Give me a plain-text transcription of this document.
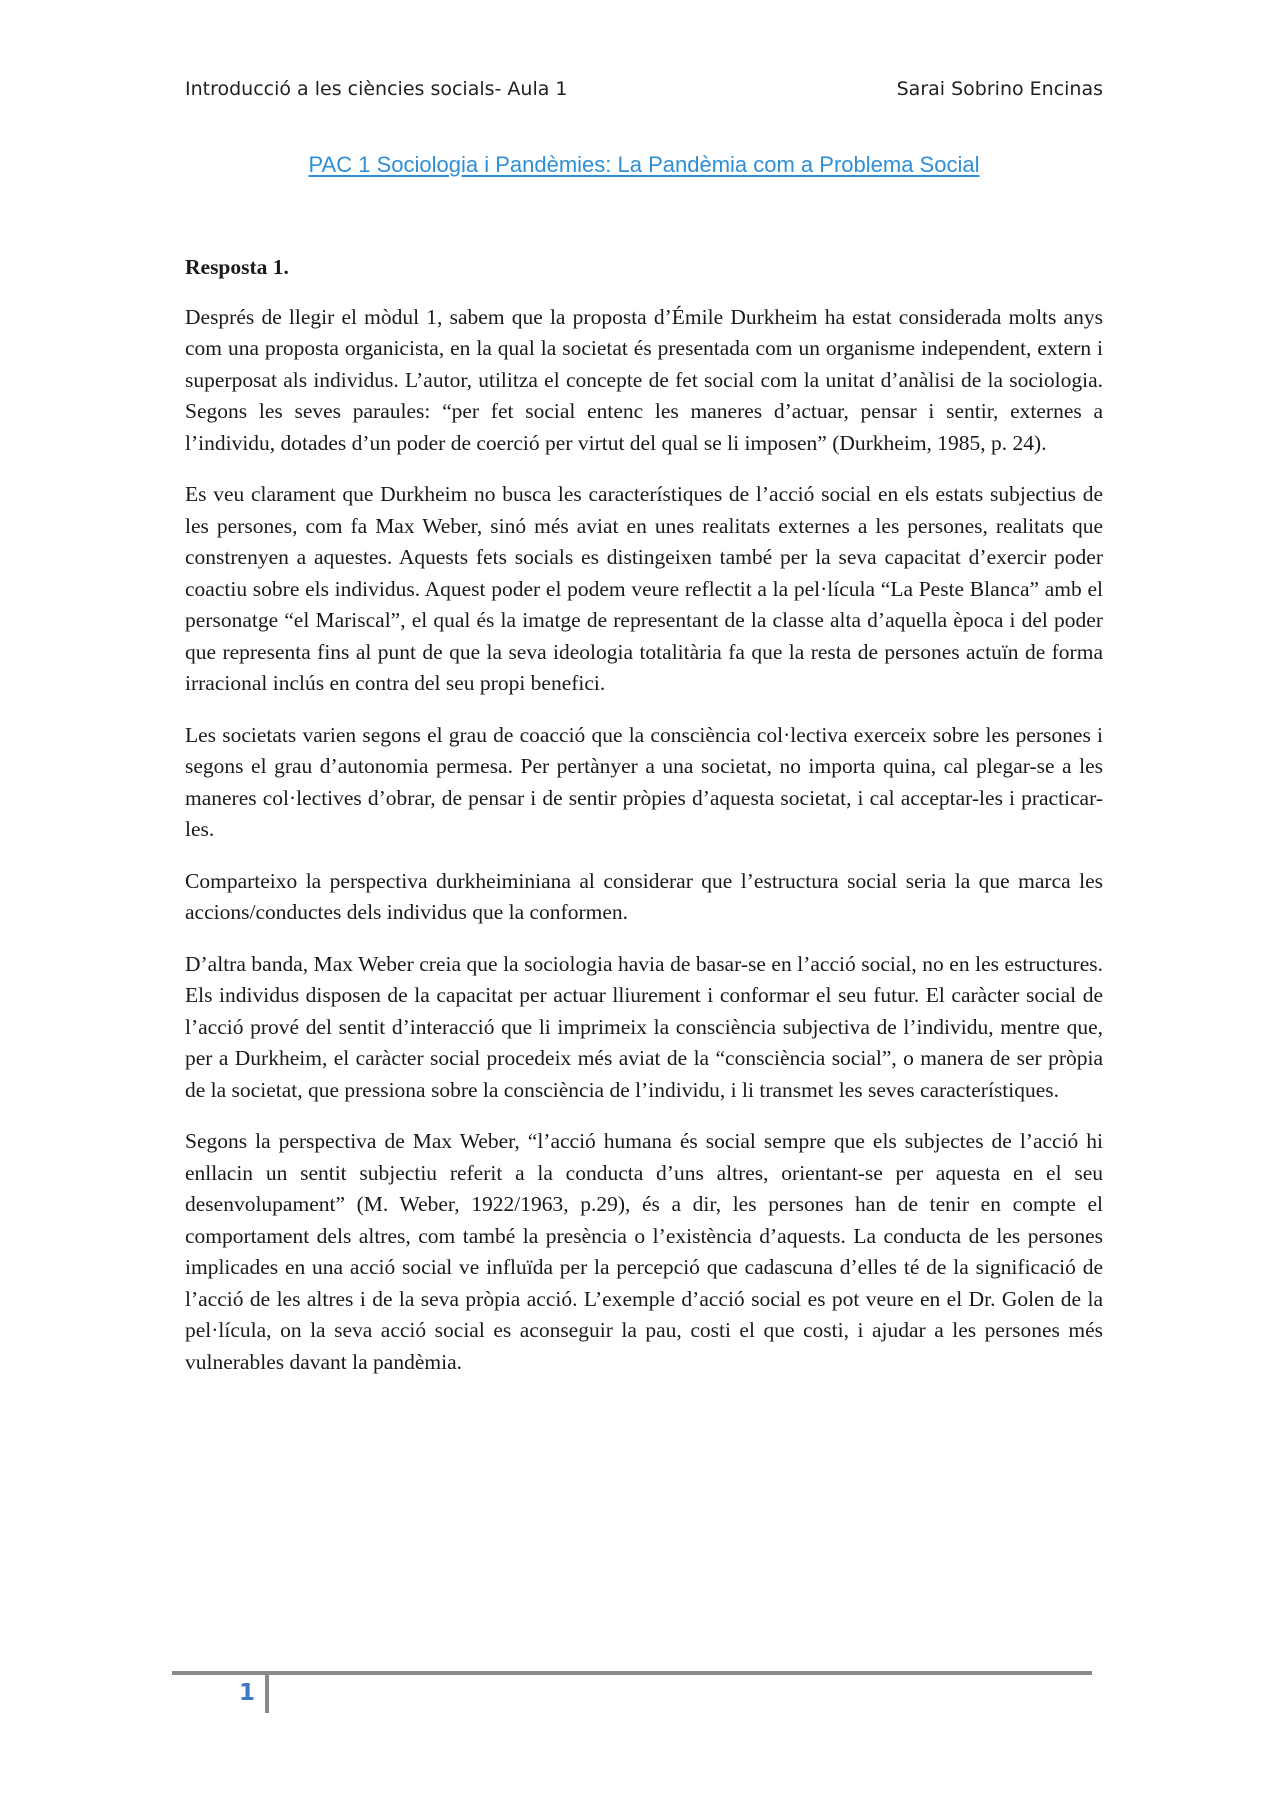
Introducció a les ciències socials- Aula 1	Sarai Sobrino Encinas
PAC 1 Sociologia i Pandèmies: La Pandèmia com a Problema Social
Resposta 1.

Després de llegir el mòdul 1, sabem que la proposta d’Émile Durkheim ha estat considerada molts anys com una proposta organicista, en la qual la societat és presentada com un organisme independent, extern i superposat als individus. L’autor, utilitza el concepte de fet social com la unitat d’anàlisi de la sociologia. Segons les seves paraules: “per fet social entenc les maneres d’actuar, pensar i sentir, externes a l’individu, dotades d’un poder de coerció per virtut del qual se li imposen” (Durkheim, 1985, p. 24).

Es veu clarament que Durkheim no busca les característiques de l’acció social en els estats subjectius de les persones, com fa Max Weber, sinó més aviat en unes realitats externes a les persones, realitats que constrenyen a aquestes. Aquests fets socials es distingeixen també per la seva capacitat d’exercir poder coactiu sobre els individus. Aquest poder el podem veure reflectit a la pel·lícula “La Peste Blanca” amb el personatge “el Mariscal”, el qual és la imatge de representant de la classe alta d’aquella època i del poder que representa fins al punt de que la seva ideologia totalitària fa que la resta de persones actuïn de forma irracional inclús en contra del seu propi benefici.

Les societats varien segons el grau de coacció que la consciència col·lectiva exerceix sobre les persones i segons el grau d’autonomia permesa. Per pertànyer a una societat, no importa quina, cal plegar-se a les maneres col·lectives d’obrar, de pensar i de sentir pròpies d’aquesta societat, i cal acceptar-les i practicar-les.

Comparteixo la perspectiva durkheiminiana al considerar que l’estructura social seria la que marca les accions/conductes dels individus que la conformen.

D’altra banda, Max Weber creia que la sociologia havia de basar-se en l’acció social, no en les estructures. Els individus disposen de la capacitat per actuar lliurement i conformar el seu futur. El caràcter social de l’acció prové del sentit d’interacció que li imprimeix la consciència subjectiva de l’individu, mentre que, per a Durkheim, el caràcter social procedeix més aviat de la “consciència social”, o manera de ser pròpia de la societat, que pressiona sobre la consciència de l’individu, i li transmet les seves característiques.

Segons la perspectiva de Max Weber, “l’acció humana és social sempre que els subjectes de l’acció hi enllacin un sentit subjectiu referit a la conducta d’uns altres, orientant-se per aquesta en el seu desenvolupament” (M. Weber, 1922/1963, p.29), és a dir, les persones han de tenir en compte el comportament dels altres, com també la presència o l’existència d’aquests. La conducta de les persones implicades en una acció social ve influïda per la percepció que cadascuna d’elles té de la significació de l’acció de les altres i de la seva pròpia acció. L’exemple d’acció social es pot veure en el Dr. Golen de la pel·lícula, on la seva acció social es aconseguir la pau, costi el que costi, i ajudar a les persones més vulnerables davant la pandèmia.

1
